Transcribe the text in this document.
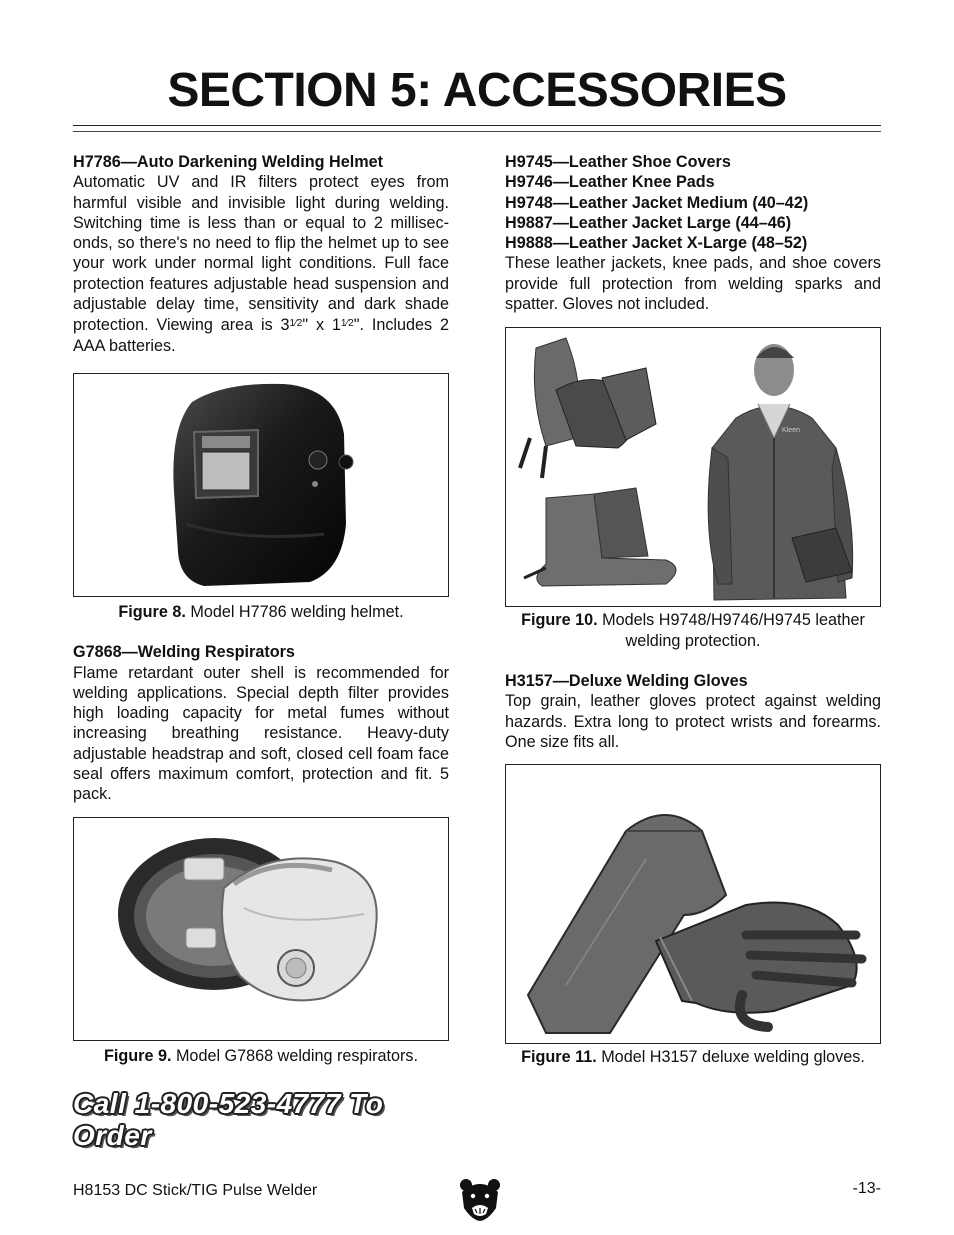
SECTION 5: ACCESSORIES

H7786—Auto Darkening Welding Helmet

Automatic UV and IR filters protect eyes from harmful visible and invisible light during welding. Switching time is less than or equal to 2 milliseconds, so there's no need to flip the helmet up to see your work under normal light conditions. Full face protection features adjustable head suspension and adjustable delay time, sensitivity and dark shade protection. Viewing area is $3^{1⁄2}$" x $1^{1⁄2}$". Includes 2 AAA batteries.

Figure 8. Model H7786 welding helmet.

G7868—Welding Respirators

Flame retardant outer shell is recommended for welding applications. Special depth filter provides high loading capacity for metal fumes without increasing breathing resistance. Heavy-duty adjustable headstrap and soft, closed cell foam face seal offers maximum comfort, protection and fit. 5 pack.

Figure 9. Model G7868 welding respirators.

H9745—Leather Shoe Covers

H9746—Leather Knee Pads

H9748—Leather Jacket Medium (40–42)

H9887—Leather Jacket Large (44–46)

H9888—Leather Jacket X-Large (48–52)

These leather jackets, knee pads, and shoe covers provide full protection from welding sparks and spatter. Gloves not included.

Kleen

Figure 10. Models H9748/H9746/H9745 leather
welding protection.

H3157—Deluxe Welding Gloves

Top grain, leather gloves protect against welding hazards. Extra long to protect wrists and forearms. One size fits all.

Figure 11. Model H3157 deluxe welding gloves.

Call 1-800-523-4777 To Order
H8153 DC Stick/TIG Pulse Welder	-13-
